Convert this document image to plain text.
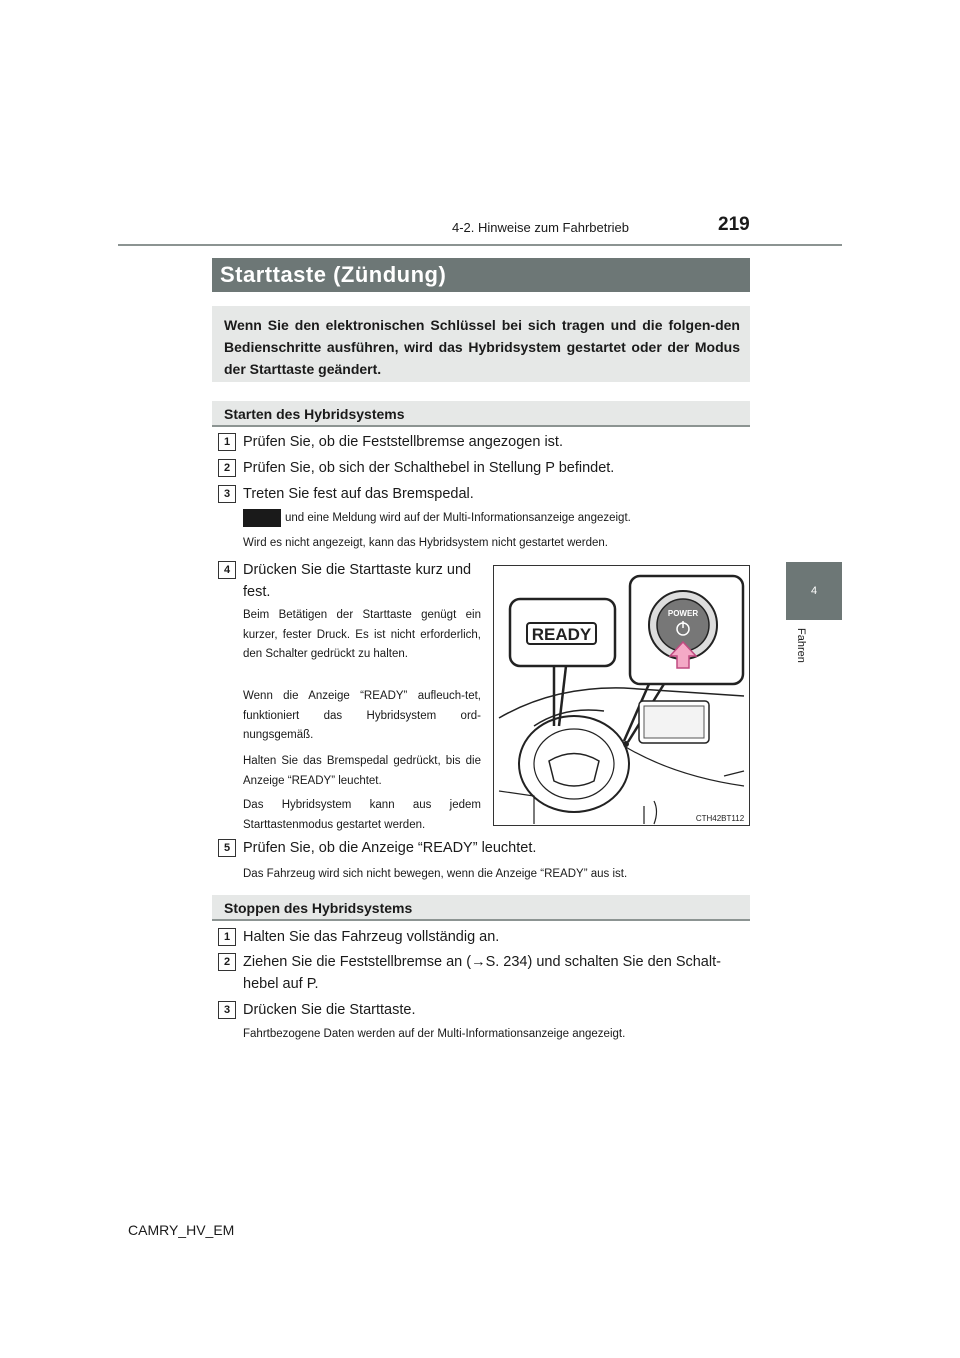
4-2. Hinweise zum Fahrbetrieb	219
4
Fahren
Starttaste (Zündung)
Wenn Sie den elektronischen Schlüssel bei sich tragen und die folgen-den Bedienschritte ausführen, wird das Hybridsystem gestartet oder der Modus der Starttaste geändert.
Starten des Hybridsystems
1 Prüfen Sie, ob die Feststellbremse angezogen ist.
2 Prüfen Sie, ob sich der Schalthebel in Stellung P befindet.
3 Treten Sie fest auf das Bremspedal.
und eine Meldung wird auf der Multi-Informationsanzeige angezeigt.
Wird es nicht angezeigt, kann das Hybridsystem nicht gestartet werden.
4 Drücken Sie die Starttaste kurz und fest.
Beim Betätigen der Starttaste genügt ein kurzer, fester Druck. Es ist nicht erforderlich, den Schalter gedrückt zu halten.
Wenn die Anzeige “READY” aufleuch-tet, funktioniert das Hybridsystem ord-nungsgemäß.
Halten Sie das Bremspedal gedrückt, bis die Anzeige “READY” leuchtet.
Das Hybridsystem kann aus jedem Starttastenmodus gestartet werden.
READY
POWER
CTH42BT112
5 Prüfen Sie, ob die Anzeige “READY” leuchtet.
Das Fahrzeug wird sich nicht bewegen, wenn die Anzeige “READY” aus ist.
Stoppen des Hybridsystems
1 Halten Sie das Fahrzeug vollständig an.
2 Ziehen Sie die Feststellbremse an (→S. 234) und schalten Sie den Schalt-hebel auf P.
3 Drücken Sie die Starttaste.
Fahrtbezogene Daten werden auf der Multi-Informationsanzeige angezeigt.
CAMRY_HV_EM
